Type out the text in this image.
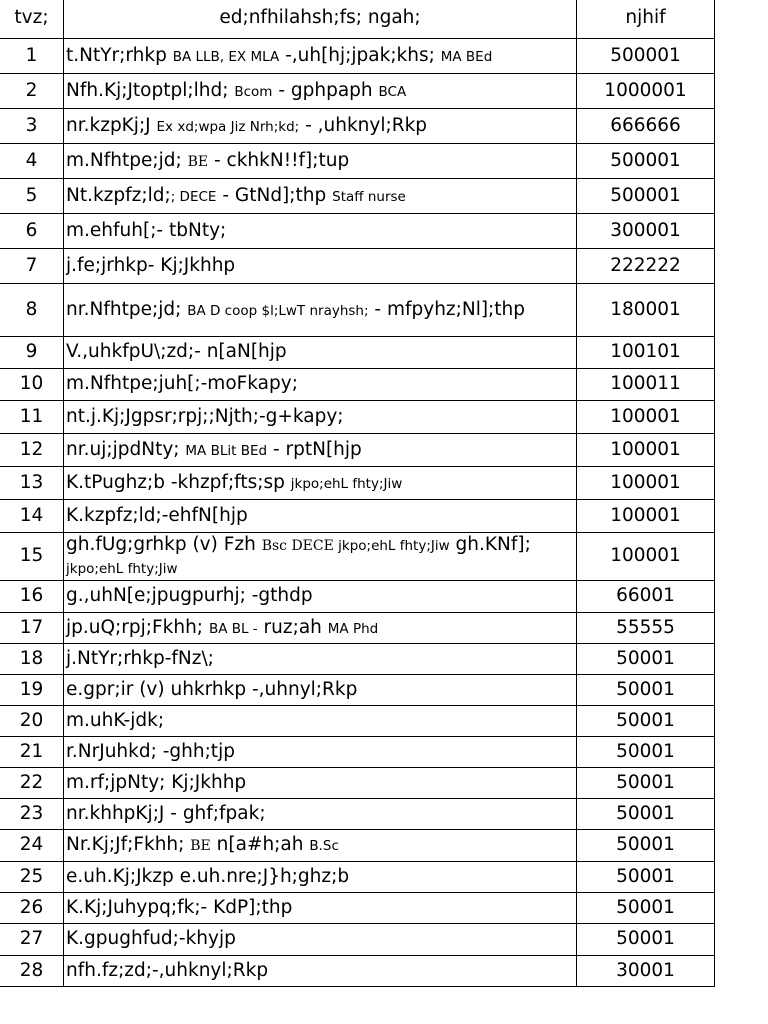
tvz;	ed;nfhilahsh;fs; ngah;	njhif
1	t.NtYr;rhkp BA LLB, EX MLA -,uh[hj;jpak;khs; MA BEd	500001
2	Nfh.Kj;Jtoptpl;lhd; Bcom - gphpaph BCA	1000001
3	nr.kzpKj;J Ex xd;wpa Jiz Nrh;kd; - ,uhknyl;Rkp	666666
4	m.Nfhtpe;jd; BE - ckhkN!!f];tup	500001
5	Nt.kzpfz;ld;; DECE - GtNd];thp Staff nurse	500001
6	m.ehfuh[;- tbNty;	300001
7	j.fe;jrhkp- Kj;Jkhhp	222222
8	nr.Nfhtpe;jd; BA D coop $l;LwT nrayhsh; - mfpyhz;Nl];thp	180001
9	V.,uhkfpU\;zd;- n[aN[hjp	100101
10	m.Nfhtpe;juh[;-moFkapy;	100011
11	nt.j.Kj;Jgpsr;rpj;;Njth;-g+kapy;	100001
12	nr.uj;jpdNty; MA BLit BEd - rptN[hjp	100001
13	K.tPughz;b -khzpf;fts;sp jkpo;ehL fhty;Jiw	100001
14	K.kzpfz;ld;-ehfN[hjp	100001
15	gh.fUg;grhkp (v) Fzh Bsc DECE jkpo;ehL fhty;Jiw gh.KNf]; jkpo;ehL fhty;Jiw	100001
16	g.,uhN[e;jpugpurhj; -gthdp	66001
17	jp.uQ;rpj;Fkhh; BA BL - ruz;ah MA Phd	55555
18	j.NtYr;rhkp-fNz\;	50001
19	e.gpr;ir (v) uhkrhkp -,uhnyl;Rkp	50001
20	m.uhK-jdk;	50001
21	r.NrJuhkd; -ghh;tjp	50001
22	m.rf;jpNty; Kj;Jkhhp	50001
23	nr.khhpKj;J - ghf;fpak;	50001
24	Nr.Kj;Jf;Fkhh; BE n[a#h;ah B.Sc	50001
25	e.uh.Kj;Jkzp e.uh.nre;J}h;ghz;b	50001
26	K.Kj;Juhypq;fk;- KdP];thp	50001
27	K.gpughfud;-khyjp	50001
28	nfh.fz;zd;-,uhknyl;Rkp	30001
